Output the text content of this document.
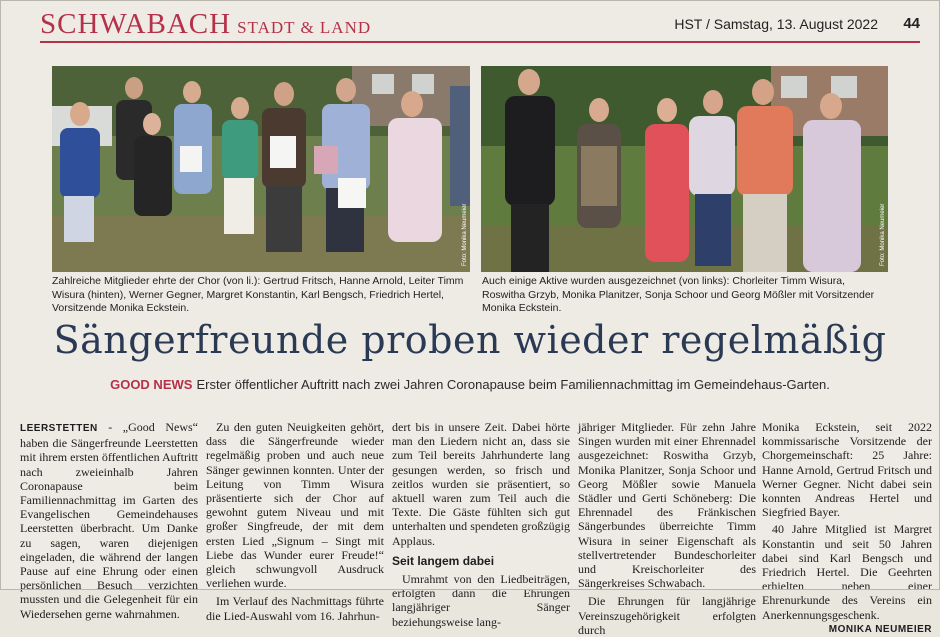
SCHWABACH STADT & LAND	HST / Samstag, 13. August 2022 44
Foto: Monika Neumeier	Foto: Monika Neumeier
Zahlreiche Mitglieder ehrte der Chor (von li.): Gertrud Fritsch, Hanne Arnold, Leiter Timm Wisura (hinten), Werner Gegner, Margret Konstantin, Karl Bengsch, Friedrich Hertel, Vorsitzende Monika Eckstein.
Auch einige Aktive wurden ausgezeichnet (von links): Chorleiter Timm Wisura, Roswitha Grzyb, Monika Planitzer, Sonja Schoor und Georg Mößler mit Vorsitzender Monika Eckstein.
Sängerfreunde proben wieder regelmäßig
GOOD NEWS Erster öffentlicher Auftritt nach zwei Jahren Coronapause beim Familiennachmittag im Gemeindehaus-Garten.

LEERSTETTEN - „Good News“ haben die Sängerfreunde Leerstetten mit ihrem ersten öffentlichen Auftritt nach zweieinhalb Jahren Coronapause beim Familiennachmittag im Garten des Evangelischen Gemeindehauses Leerstetten überbracht. Um Danke zu sagen, waren diejenigen eingeladen, die während der langen Pause auf eine Ehrung oder einen persönlichen Besuch verzichten mussten und die Gelegenheit für ein Wiedersehen gerne wahrnahmen.

Zu den guten Neuigkeiten gehört, dass die Sängerfreunde wieder regelmäßig proben und auch neue Sänger gewinnen konnten. Unter der Leitung von Timm Wisura präsentierte sich der Chor auf gewohnt gutem Niveau und mit großer Singfreude, der mit dem ersten Lied „Signum – Singt mit Liebe das Wunder eurer Freude!“ gleich schwungvoll Ausdruck verliehen wurde.

Im Verlauf des Nachmittags führte die Lied-Auswahl vom 16. Jahrhun-

dert bis in unsere Zeit. Dabei hörte man den Liedern nicht an, dass sie zum Teil bereits Jahrhunderte lang gesungen werden, so frisch und zeitlos wurden sie präsentiert, so aktuell waren zum Teil auch die Texte. Die Gäste fühlten sich gut unterhalten und spendeten großzügig Applaus.

Seit langem dabei

Umrahmt von den Liedbeiträgen, erfolgten dann die Ehrungen langjähriger Sänger beziehungsweise lang-

jähriger Mitglieder. Für zehn Jahre Singen wurden mit einer Ehrennadel ausgezeichnet: Roswitha Grzyb, Monika Planitzer, Sonja Schoor und Georg Mößler sowie Manuela Städler und Gerti Schöneberg: Die Ehrennadel des Fränkischen Sängerbundes überreichte Timm Wisura in seiner Eigenschaft als stellvertretender Bundeschorleiter und Kreischorleiter des Sängerkreises Schwabach.

Die Ehrungen für langjährige Vereinszugehörigkeit erfolgten durch

Monika Eckstein, seit 2022 kommissarische Vorsitzende der Chorgemeinschaft: 25 Jahre: Hanne Arnold, Gertrud Fritsch und Werner Gegner. Nicht dabei sein konnten Andreas Hertel und Siegfried Bayer.

40 Jahre Mitglied ist Margret Konstantin und seit 50 Jahren dabei sind Karl Bengsch und Friedrich Hertel. Die Geehrten erhielten neben einer Ehrenurkunde des Vereins ein Anerkennungsgeschenk.

MONIKA NEUMEIER
